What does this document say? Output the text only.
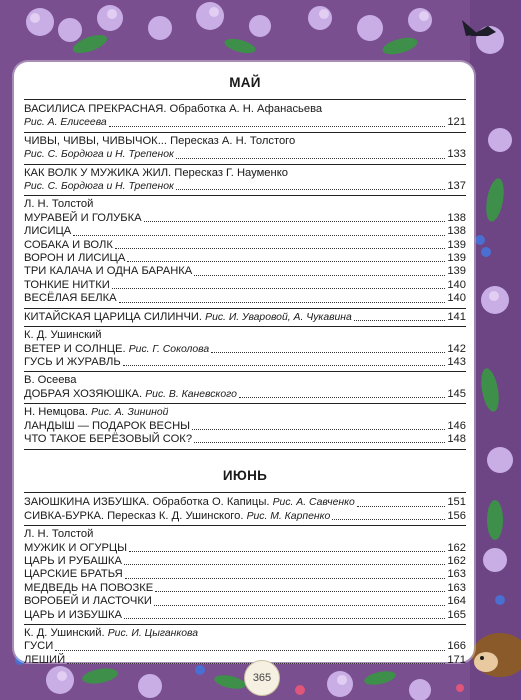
МАЙ
ВАСИЛИСА ПРЕКРАСНАЯ. Обработка А. Н. Афанасьева
Рис. А. Елисеева	121
ЧИВЫ, ЧИВЫ, ЧИВЫЧОК... Пересказ А. Н. Толстого
Рис. С. Бордюга и Н. Трепенок	133
КАК ВОЛК У МУЖИКА ЖИЛ. Пересказ Г. Науменко
Рис. С. Бордюга и Н. Трепенок	137
Л. Н. Толстой
МУРАВЕЙ И ГОЛУБКА	138
ЛИСИЦА	138
СОБАКА И ВОЛК	139
ВОРОН И ЛИСИЦА	139
ТРИ КАЛАЧА И ОДНА БАРАНКА	139
ТОНКИЕ НИТКИ	140
ВЕСЁЛАЯ БЕЛКА	140
КИТАЙСКАЯ ЦАРИЦА СИЛИНЧИ. Рис. И. Уваровой, А. Чукавина	141
К. Д. Ушинский
ВЕТЕР И СОЛНЦЕ. Рис. Г. Соколова	142
ГУСЬ И ЖУРАВЛЬ	143
В. Осеева
ДОБРАЯ ХОЗЯЮШКА. Рис. В. Каневского	145
Н. Немцова. Рис. А. Зининой
ЛАНДЫШ — ПОДАРОК ВЕСНЫ	146
ЧТО ТАКОЕ БЕРЁЗОВЫЙ СОК?	148
ИЮНЬ
ЗАЮШКИНА ИЗБУШКА. Обработка О. Капицы. Рис. А. Савченко	151
СИВКА-БУРКА. Пересказ К. Д. Ушинского. Рис. М. Карпенко	156
Л. Н. Толстой
МУЖИК И ОГУРЦЫ	162
ЦАРЬ И РУБАШКА	162
ЦАРСКИЕ БРАТЬЯ	163
МЕДВЕДЬ НА ПОВОЗКЕ	163
ВОРОБЕЙ И ЛАСТОЧКИ	164
ЦАРЬ И ИЗБУШКА	165
К. Д. Ушинский. Рис. И. Цыганкова
ГУСИ	166
ЛЕШИЙ	171
365
